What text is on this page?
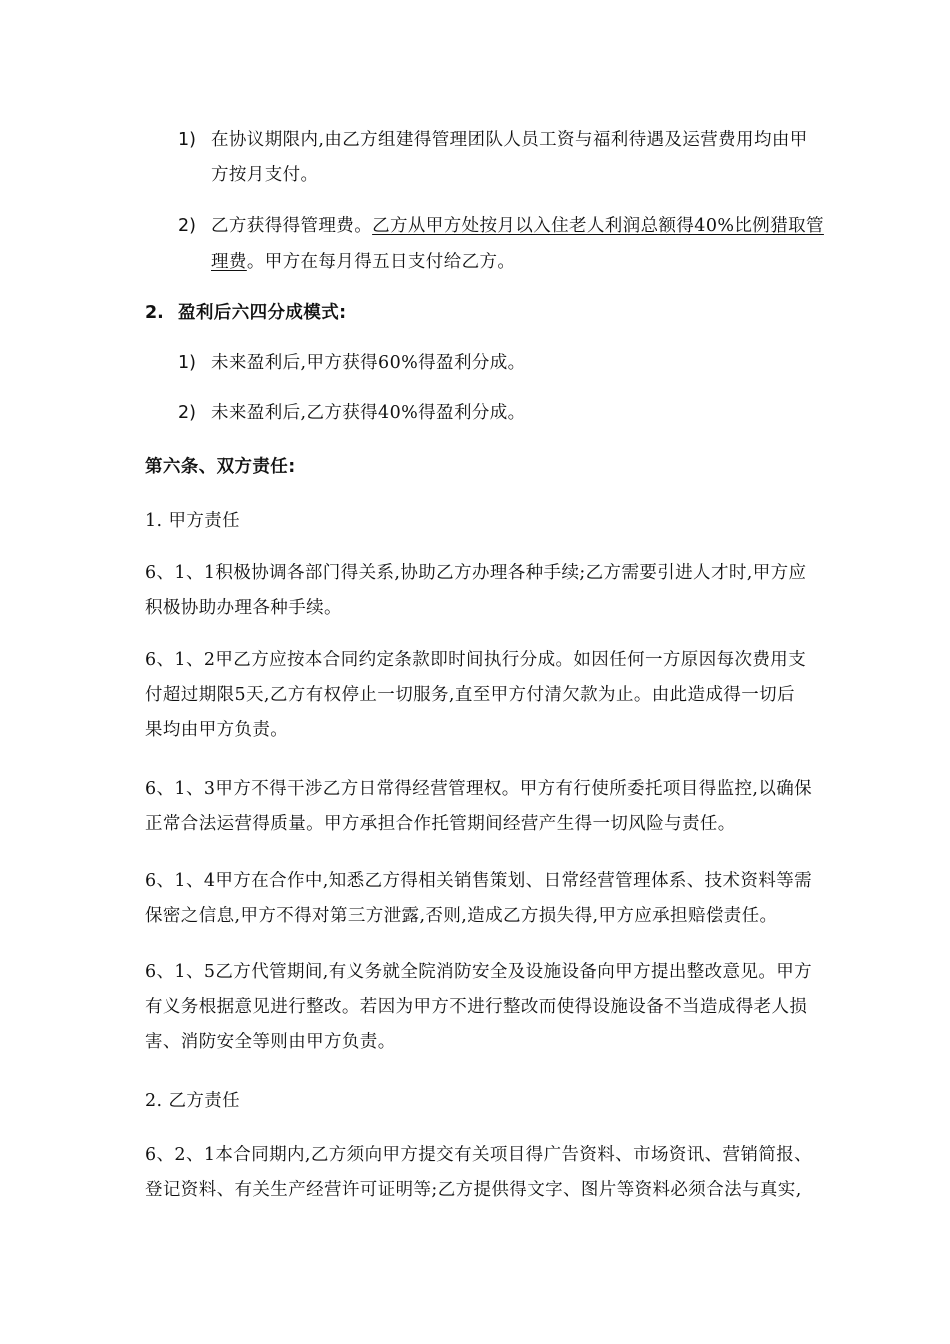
1) 在协议期限内,由乙方组建得管理团队人员工资与福利待遇及运营费用均由甲
方按月支付。
2) 乙方获得得管理费。乙方从甲方处按月以入住老人利润总额得40%比例猎取管
理费。甲方在每月得五日支付给乙方。
2. 盈利后六四分成模式:
1) 未来盈利后,甲方获得60%得盈利分成。
2) 未来盈利后,乙方获得40%得盈利分成。
第六条、双方责任:
1. 甲方责任
6、1、1积极协调各部门得关系,协助乙方办理各种手续;乙方需要引进人才时,甲方应
积极协助办理各种手续。
6、1、2甲乙方应按本合同约定条款即时间执行分成。如因任何一方原因每次费用支
付超过期限5天,乙方有权停止一切服务,直至甲方付清欠款为止。由此造成得一切后
果均由甲方负责。
6、1、3甲方不得干涉乙方日常得经营管理权。甲方有行使所委托项目得监控,以确保
正常合法运营得质量。甲方承担合作托管期间经营产生得一切风险与责任。
6、1、4甲方在合作中,知悉乙方得相关销售策划、日常经营管理体系、技术资料等需
保密之信息,甲方不得对第三方泄露,否则,造成乙方损失得,甲方应承担赔偿责任。
6、1、5乙方代管期间,有义务就全院消防安全及设施设备向甲方提出整改意见。甲方
有义务根据意见进行整改。若因为甲方不进行整改而使得设施设备不当造成得老人损
害、消防安全等则由甲方负责。
2. 乙方责任
6、2、1本合同期内,乙方须向甲方提交有关项目得广告资料、市场资讯、营销简报、
登记资料、有关生产经营许可证明等;乙方提供得文字、图片等资料必须合法与真实,
